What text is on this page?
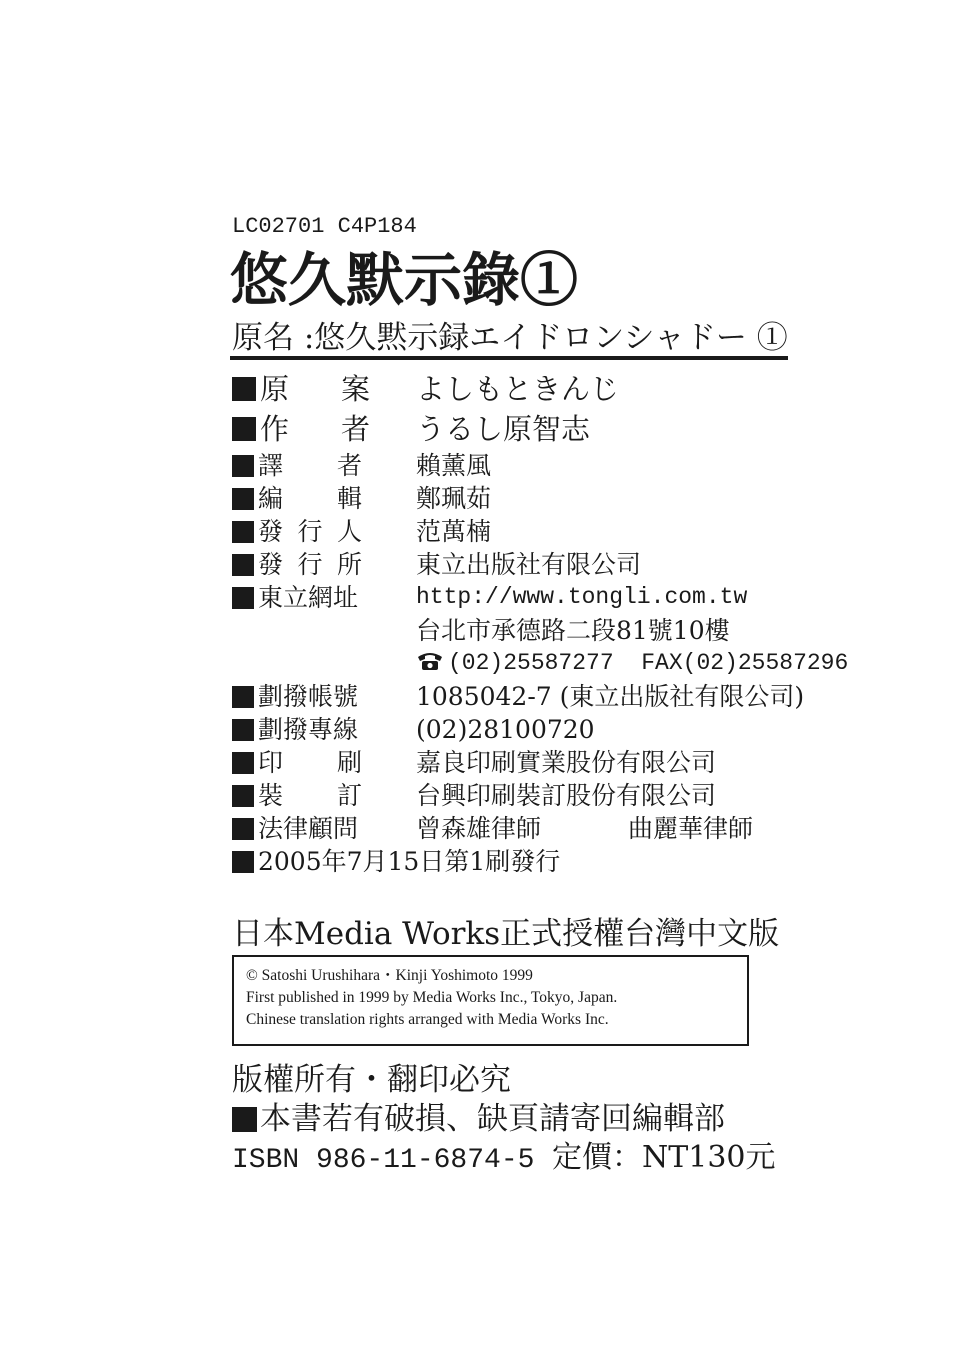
LC02701 C4P184
悠久默示錄①
原名 :悠久黙示録エイドロンシャドー ①
原 案 よしもときんじ
作 者 うるし原智志
譯 者 賴薰風
編 輯 鄭珮茹
發 行 人 范萬楠
發 行 所 東立出版社有限公司
東立網址	http://www.tongli.com.tw
台北市承德路二段81號10樓
(02)25587277 FAX(02)25587296
劃撥帳號 1085042-7 (東立出版社有限公司)
劃撥專線 (02)28100720
印 刷 嘉良印刷實業股份有限公司
裝 訂 台興印刷裝訂股份有限公司
法律顧問 曾森雄律師	曲麗華律師
2005年7月15日第1刷發行
日本Media Works正式授權台灣中文版
© Satoshi Urushihara・Kinji Yoshimoto 1999
First published in 1999 by Media Works Inc., Tokyo, Japan.
Chinese translation rights arranged with Media Works Inc.
版權所有・翻印必究
本書若有破損、缺頁請寄回編輯部
ISBN 986-11-6874-5 定價：NT130元
